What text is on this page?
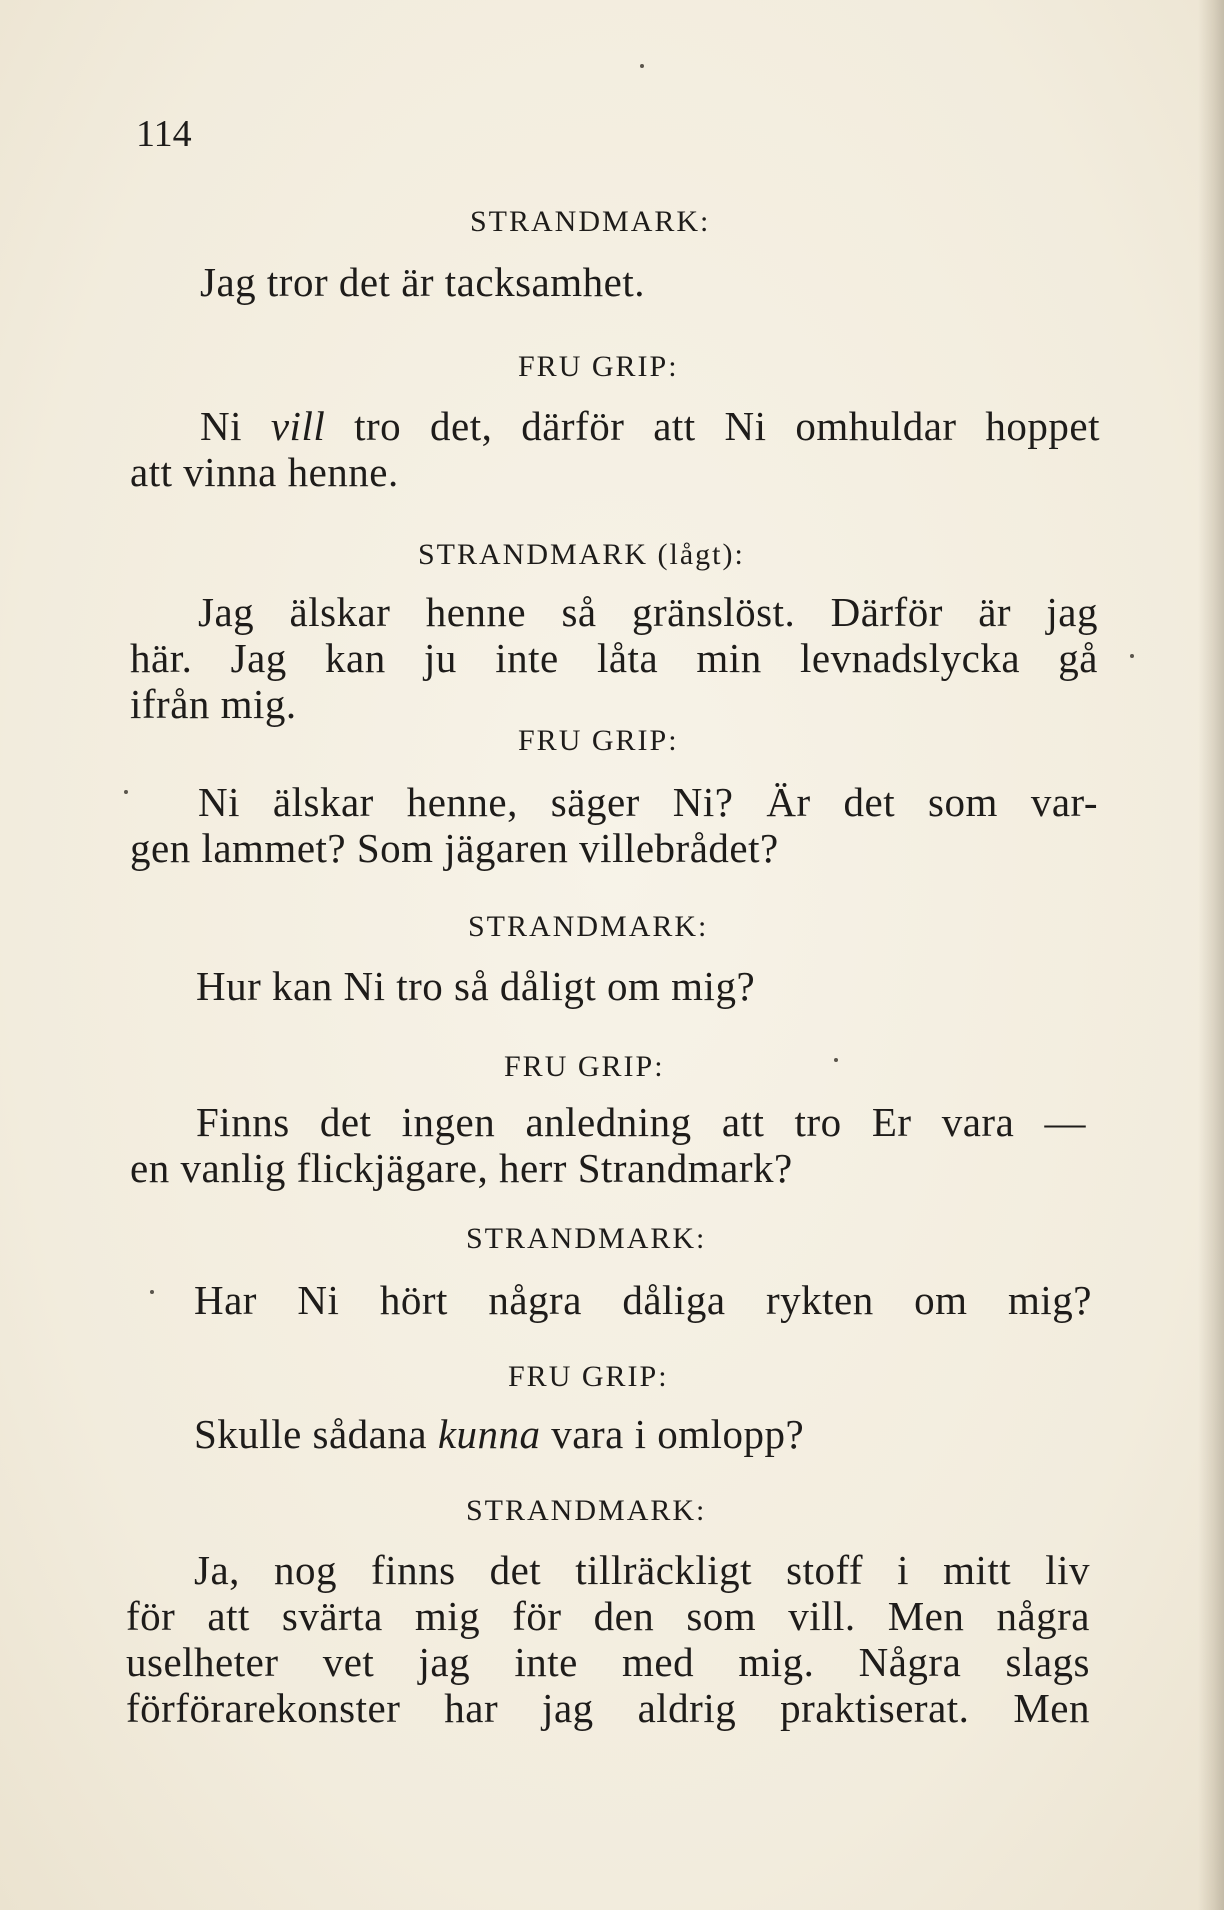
114
STRANDMARK:
Jag tror det är tacksamhet.
FRU GRIP:
Ni vill tro det, därför att Ni omhuldar hoppet
att vinna henne.
STRANDMARK (lågt):
Jag älskar henne så gränslöst. Därför är jag
här. Jag kan ju inte låta min levnadslycka gå
ifrån mig.
FRU GRIP:
Ni älskar henne, säger Ni? Är det som var-
gen lammet? Som jägaren villebrådet?
STRANDMARK:
Hur kan Ni tro så dåligt om mig?
FRU GRIP:
Finns det ingen anledning att tro Er vara —
en vanlig flickjägare, herr Strandmark?
STRANDMARK:
Har Ni hört några dåliga rykten om mig?
FRU GRIP:
Skulle sådana kunna vara i omlopp?
STRANDMARK:
Ja, nog finns det tillräckligt stoff i mitt liv
för att svärta mig för den som vill. Men några
uselheter vet jag inte med mig. Några slags
förförarekonster har jag aldrig praktiserat. Men
